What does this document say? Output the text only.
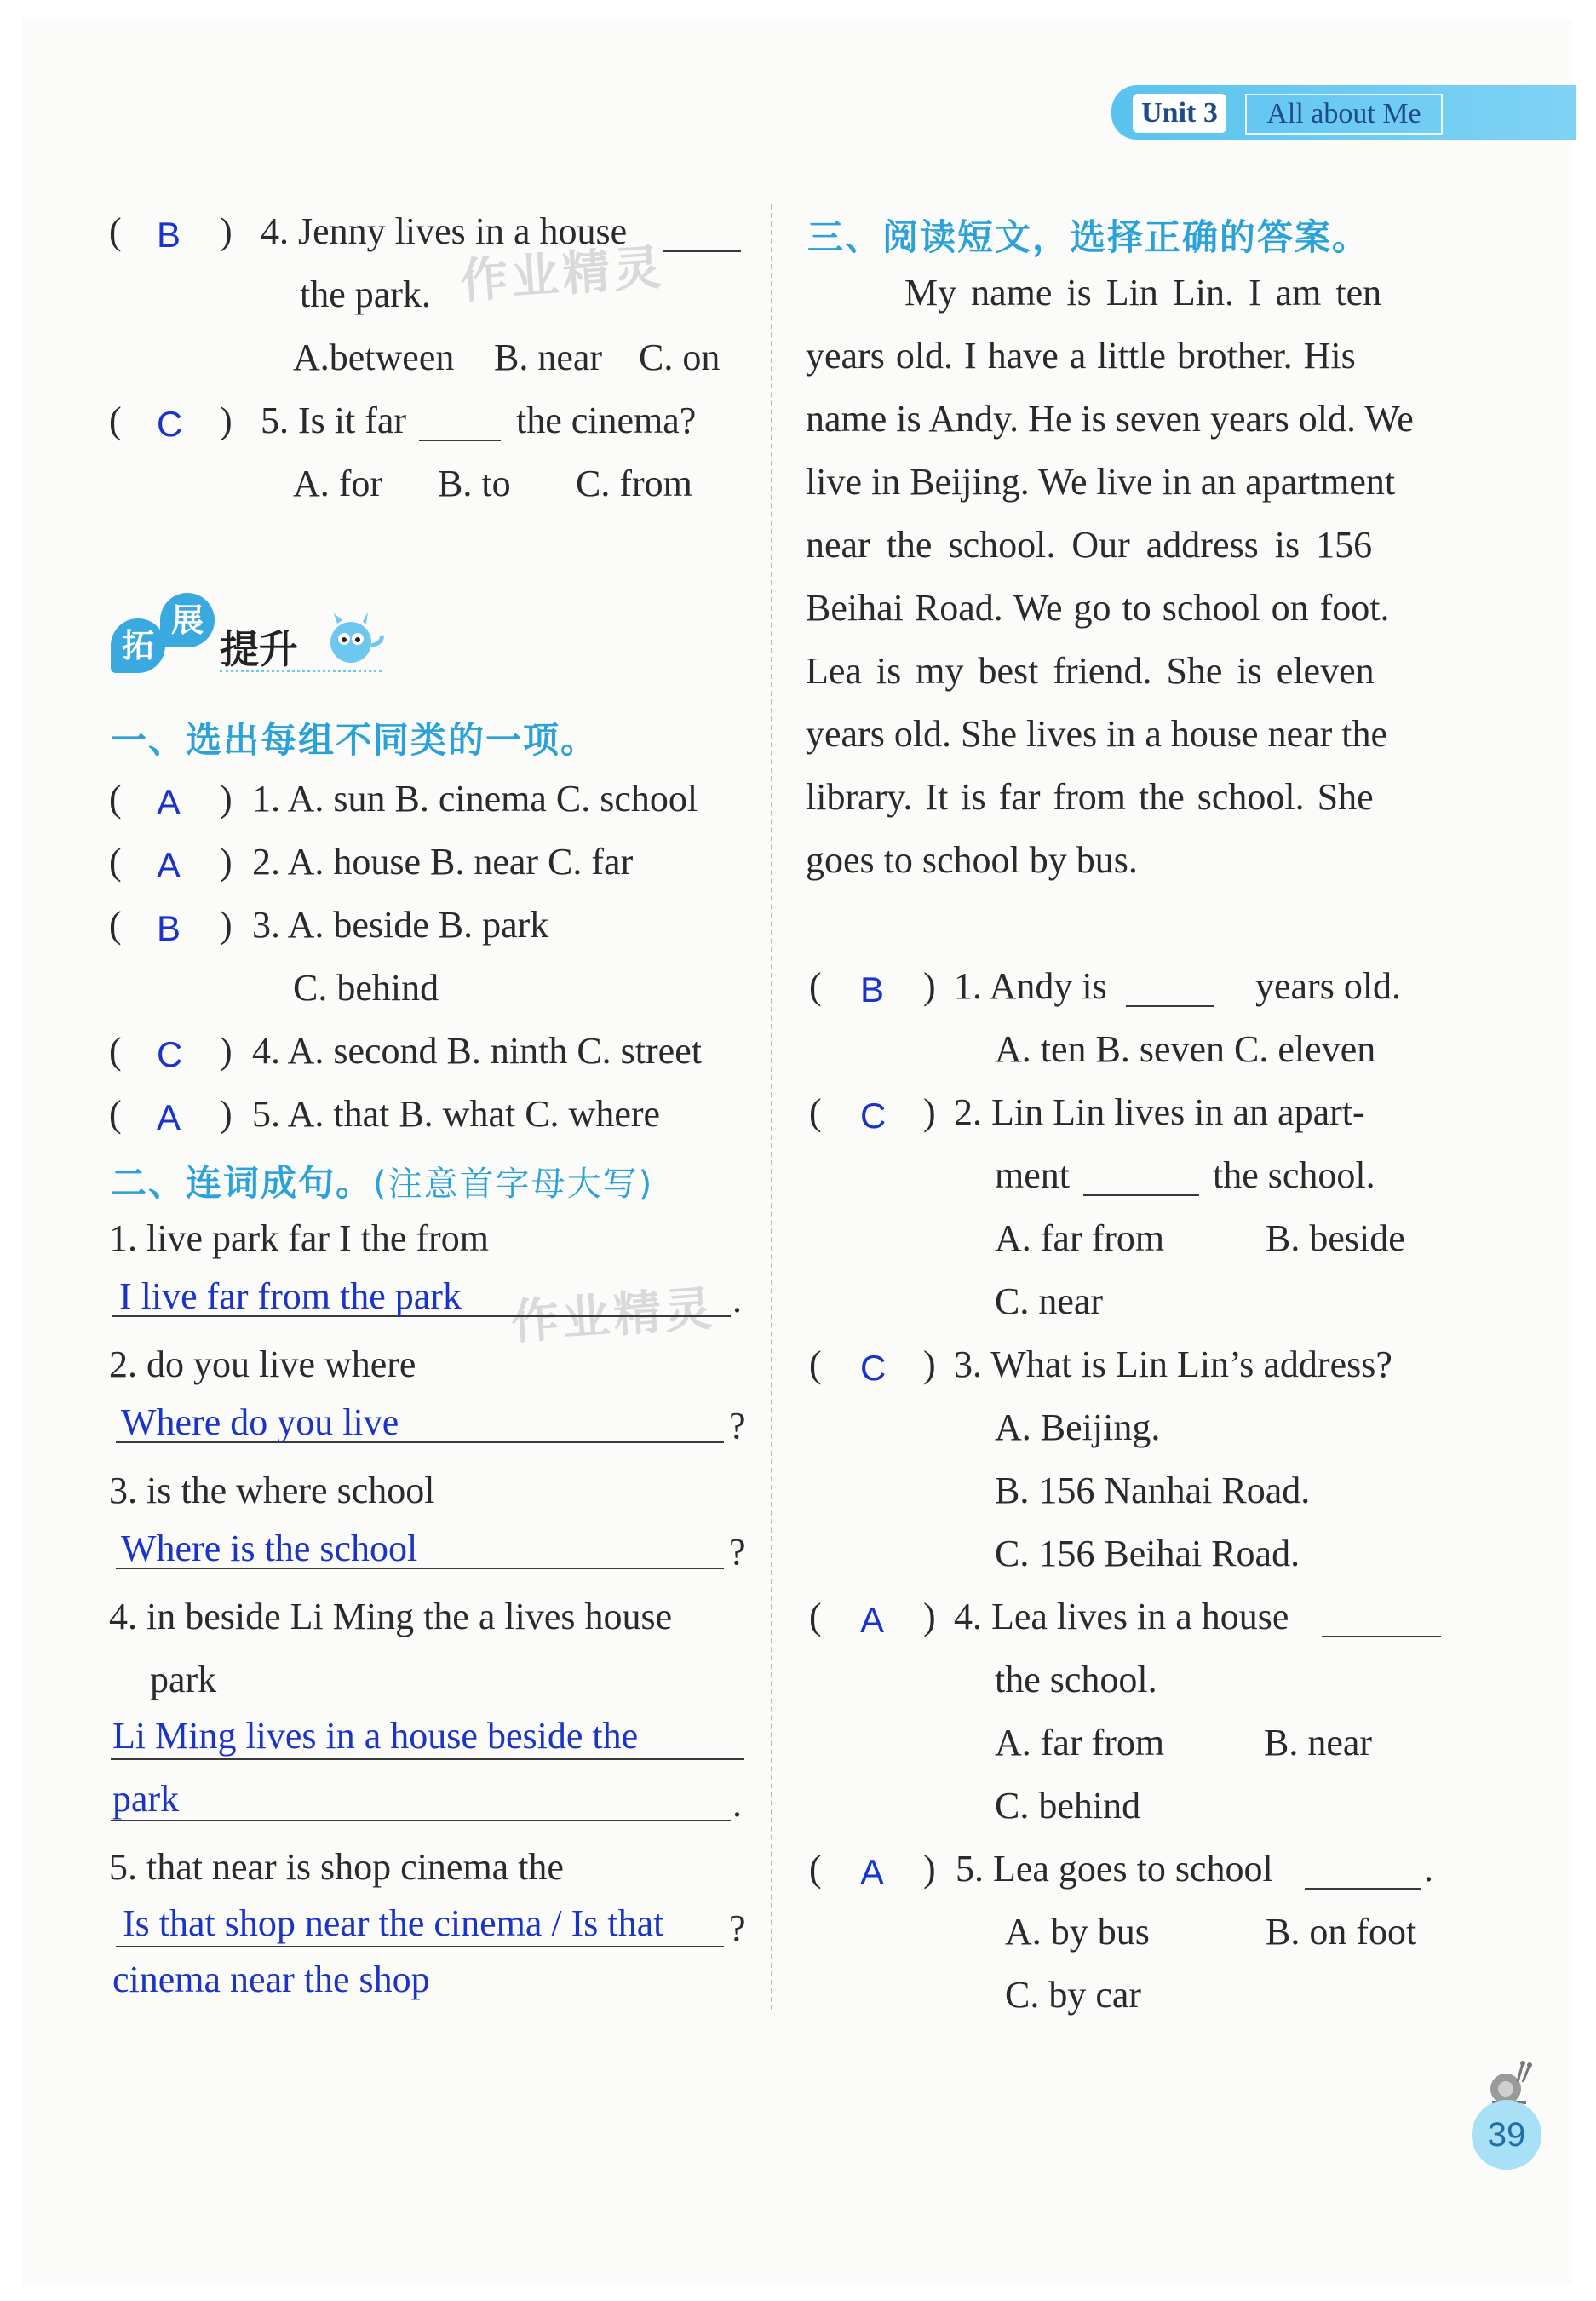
Unit 3	All about Me
作业精灵
作业精灵
( B ) 4. Jenny lives in a house
the park.
A.between B. near C. on
( C ) 5. Is it far	the cinema?
A. for B. to C. from
拓
展
提升
一、选出每组不同类的一项。
( A ) 1. A. sun B. cinema C. school
( A ) 2. A. house B. near C. far
( B ) 3. A. beside B. park
C. behind
( C ) 4. A. second B. ninth C. street
( A ) 5. A. that B. what C. where
二、连词成句。(注意首字母大写)
1. live park far I the from
I live far from the park	.
2. do you live where
Where do you live	?
3. is the where school
Where is the school	?
4. in beside Li Ming the a lives house
park
Li Ming lives in a house beside the
park	.
5. that near is shop cinema the
Is that shop near the cinema / Is that ?
cinema near the shop
三、阅读短文，选择正确的答案。
My name is Lin Lin. I am ten
years old. I have a little brother. His
name is Andy. He is seven years old. We
live in Beijing. We live in an apartment
near the school. Our address is 156
Beihai Road. We go to school on foot.
Lea is my best friend. She is eleven
years old. She lives in a house near the
library. It is far from the school. She
goes to school by bus.
( B ) 1. Andy is	years old.
A. ten B. seven C. eleven
( C ) 2. Lin Lin lives in an apart-
ment	the school.
A. far from	B. beside
C. near
( C ) 3. What is Lin Lin’s address?
A. Beijing.
B. 156 Nanhai Road.
C. 156 Beihai Road.
( A ) 4. Lea lives in a house
the school.
A. far from	B. near
C. behind
( A ) 5. Lea goes to school	.
A. by bus	B. on foot
C. by car
39
